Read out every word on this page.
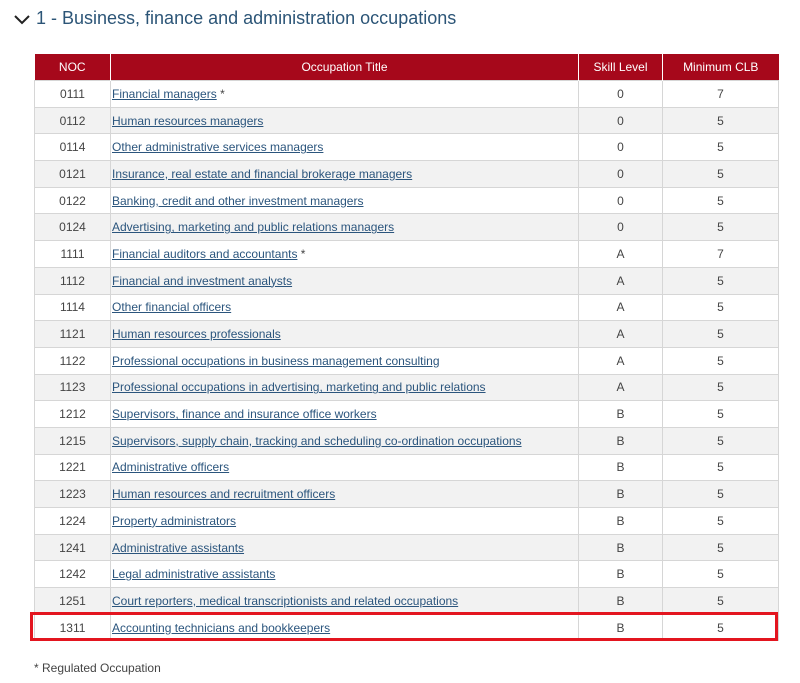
1 - Business, finance and administration occupations
NOC	Occupation Title	Skill Level	Minimum CLB
0111	Financial managers *	0	7
0112	Human resources managers	0	5
0114	Other administrative services managers	0	5
0121	Insurance, real estate and financial brokerage managers	0	5
0122	Banking, credit and other investment managers	0	5
0124	Advertising, marketing and public relations managers	0	5
1111	Financial auditors and accountants *	A	7
1112	Financial and investment analysts	A	5
1114	Other financial officers	A	5
1121	Human resources professionals	A	5
1122	Professional occupations in business management consulting	A	5
1123	Professional occupations in advertising, marketing and public relations	A	5
1212	Supervisors, finance and insurance office workers	B	5
1215	Supervisors, supply chain, tracking and scheduling co-ordination occupations	B	5
1221	Administrative officers	B	5
1223	Human resources and recruitment officers	B	5
1224	Property administrators	B	5
1241	Administrative assistants	B	5
1242	Legal administrative assistants	B	5
1251	Court reporters, medical transcriptionists and related occupations	B	5
1311	Accounting technicians and bookkeepers	B	5
* Regulated Occupation
